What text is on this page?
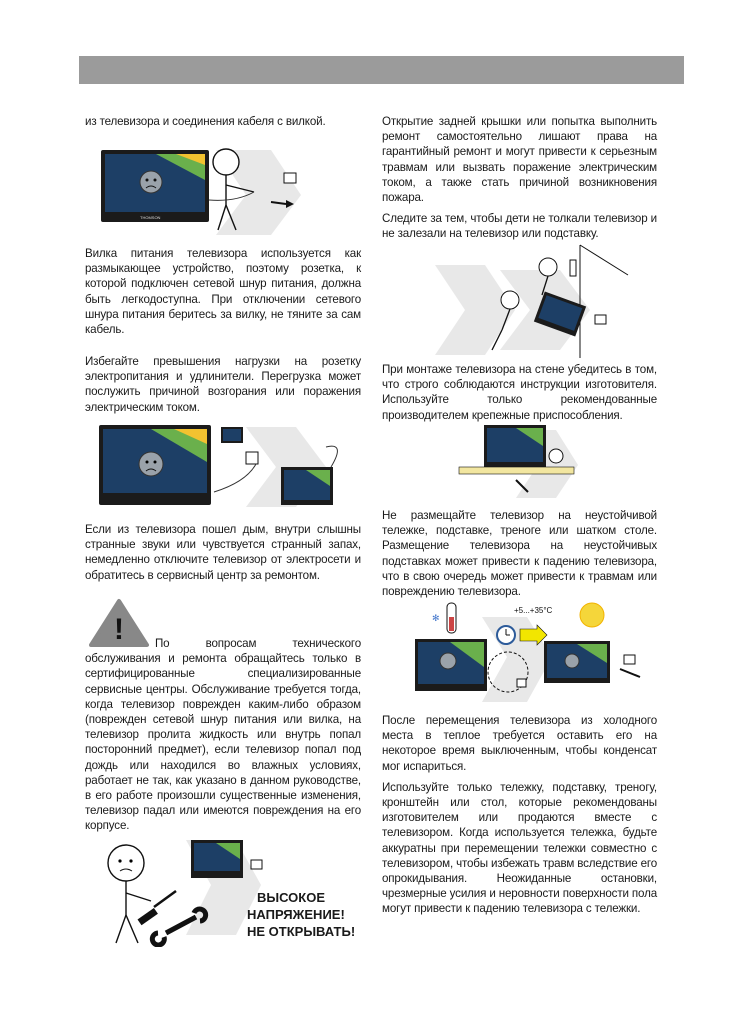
из телевизора и соединения кабеля с вилкой.

THOMSON

Вилка питания телевизора используется как размыкающее устройство, поэтому розетка, к которой подключен сетевой шнур питания, должна быть легкодоступна. При отключении сетевого шнура питания беритесь за вилку, не тяните за сам кабель.

Избегайте превышения нагрузки на розетку электропитания и удлинители. Перегрузка может послужить причиной возгорания или поражения электрическим током.

Если из телевизора пошел дым, внутри слышны странные звуки или чувствуется странный запах, немедленно отключите телевизор от электросети и обратитесь в сервисный центр за ремонтом.

!	По вопросам технического обслуживания и ремонта обращайтесь только в сертифицированные специализированные сервисные центры. Обслуживание требуется тогда, когда телевизор поврежден каким-либо образом (поврежден сетевой шнур питания или вилка, на телевизор пролита жидкость или внутрь попал посторонний предмет), если телевизор попал под дождь или находился во влажных условиях, работает не так, как указано в данном руководстве, в его работе произошли существенные изменения, телевизор падал или имеются повреждения на его корпусе.

ВЫСОКОЕ
НАПРЯЖЕНИЕ!
НЕ ОТКРЫВАТЬ!

Открытие задней крышки или попытка выполнить ремонт самостоятельно лишают права на гарантийный ремонт и могут привести к серьезным травмам или вызвать поражение электрическим током, а также стать причиной возникновения пожара.

Следите за тем, чтобы дети не толкали телевизор и не залезали на телевизор или подставку.

При монтаже телевизора на стене убедитесь в том, что строго соблюдаются инструкции изготовителя. Используйте только рекомендованные производителем крепежные приспособления.

Не размещайте телевизор на неустойчивой тележке, подставке, треноге или шатком столе. Размещение телевизора на неустойчивых подставках может привести к падению телевизора, что в свою очередь может привести к травмам или повреждению телевизора.

✻
+5...+35°C

После перемещения телевизора из холодного места в теплое требуется оставить его на некоторое время выключенным, чтобы конденсат мог испариться.

Используйте только тележку, подставку, треногу, кронштейн или стол, которые рекомендованы изготовителем или продаются вместе с телевизором. Когда используется тележка, будьте аккуратны при перемещении тележки совместно с телевизором, чтобы избежать травм вследствие его опрокидывания. Неожиданные остановки, чрезмерные усилия и неровности поверхности пола могут привести к падению телевизора с тележки.
